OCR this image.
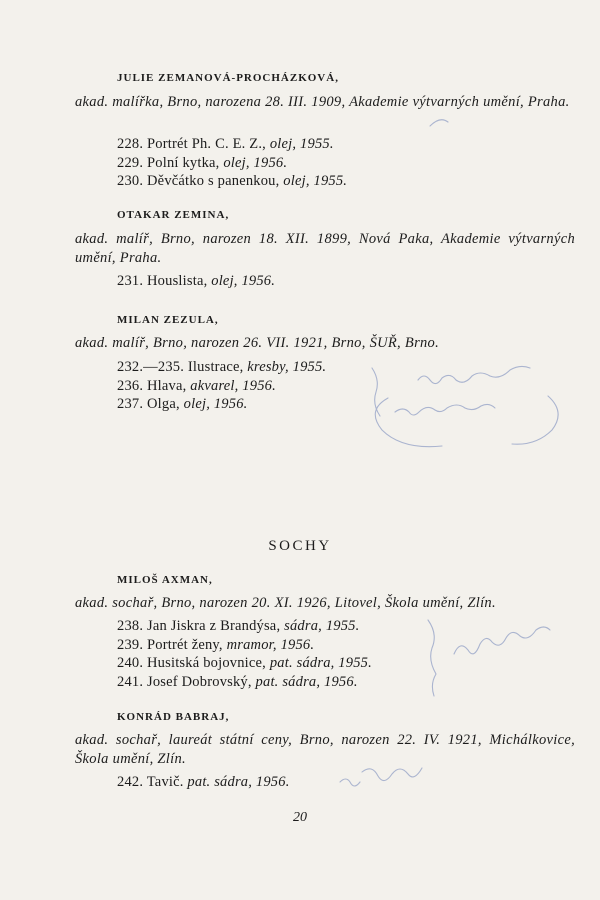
JULIE ZEMANOVÁ-PROCHÁZKOVÁ,
akad. malířka, Brno, narozena 28. III. 1909, Akademie výtvarných umění, Praha.
228. Portrét Ph. C. E. Z., olej, 1955.
229. Polní kytka, olej, 1956.
230. Děvčátko s panenkou, olej, 1955.
OTAKAR ZEMINA,
akad. malíř, Brno, narozen 18. XII. 1899, Nová Paka, Akademie výtvarných umění, Praha.
231. Houslista, olej, 1956.
MILAN ZEZULA,
akad. malíř, Brno, narozen 26. VII. 1921, Brno, ŠUŘ, Brno.
232.—235. Ilustrace, kresby, 1955.
236. Hlava, akvarel, 1956.
237. Olga, olej, 1956.
SOCHY
MILOŠ AXMAN,
akad. sochař, Brno, narozen 20. XI. 1926, Litovel, Škola umění, Zlín.
238. Jan Jiskra z Brandýsa, sádra, 1955.
239. Portrét ženy, mramor, 1956.
240. Husitská bojovnice, pat. sádra, 1955.
241. Josef Dobrovský, pat. sádra, 1956.
KONRÁD BABRAJ,
akad. sochař, laureát státní ceny, Brno, narozen 22. IV. 1921, Michálkovice, Škola umění, Zlín.
242. Tavič. pat. sádra, 1956.
20
